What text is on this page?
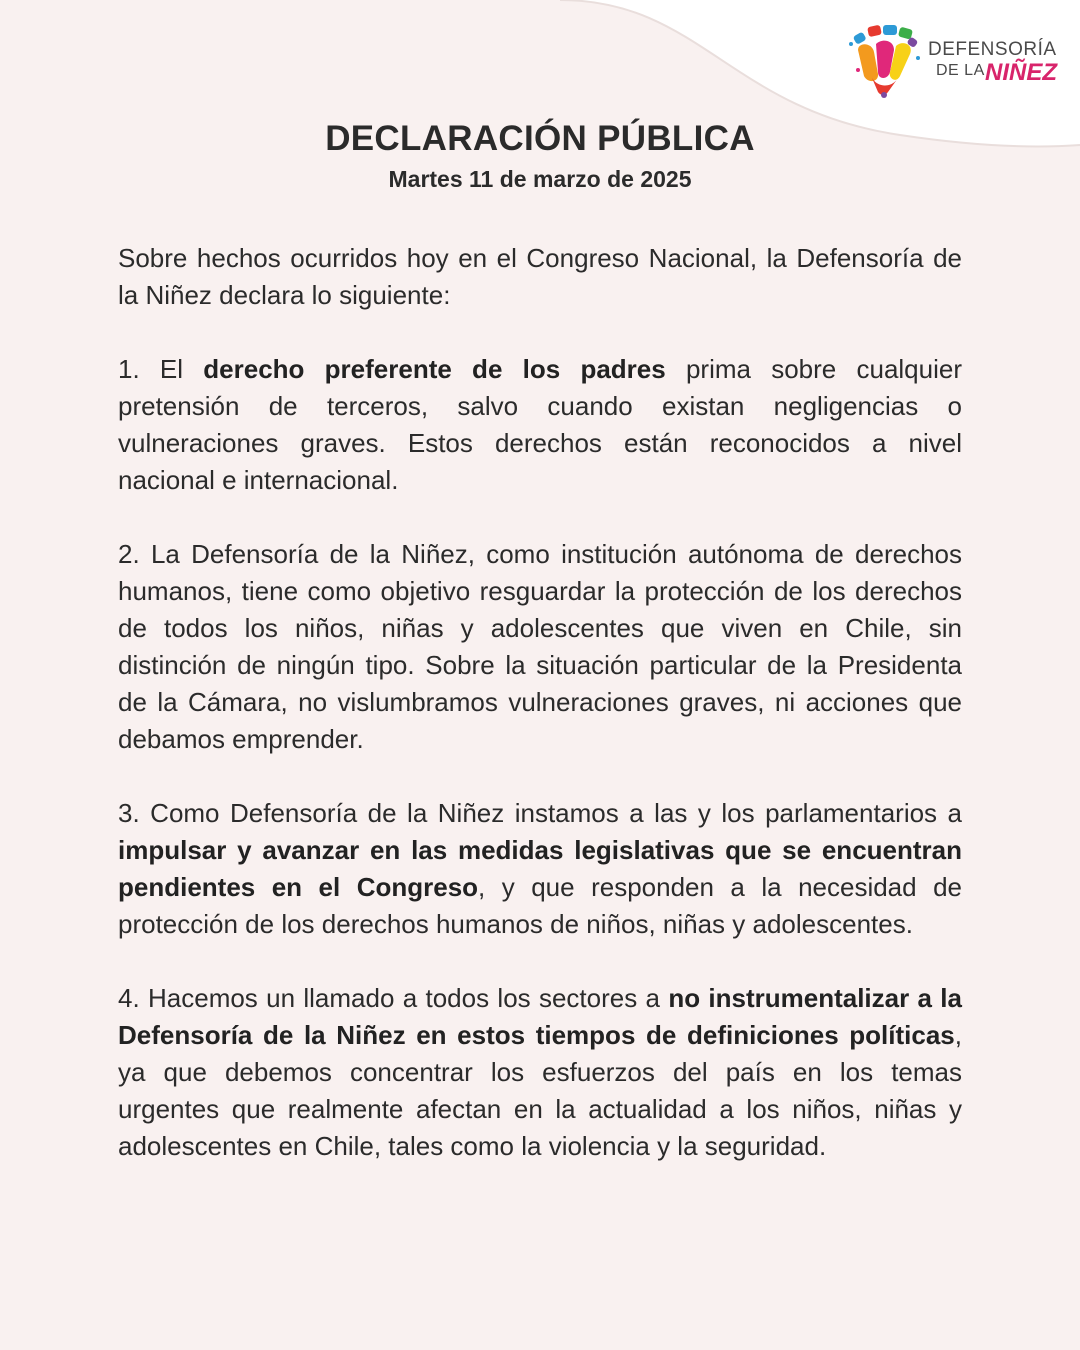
DEFENSORÍA
DE LA NIÑEZ
DECLARACIÓN PÚBLICA

Martes 11 de marzo de 2025

Sobre hechos ocurridos hoy en el Congreso Nacional, la Defensoría de la Niñez declara lo siguiente:

1. El derecho preferente de los padres prima sobre cualquier pretensión de terceros, salvo cuando existan negligencias o vulneraciones graves. Estos derechos están reconocidos a nivel nacional e internacional.

2. La Defensoría de la Niñez, como institución autónoma de derechos humanos, tiene como objetivo resguardar la protección de los derechos de todos los niños, niñas y adolescentes que viven en Chile, sin distinción de ningún tipo. Sobre la situación particular de la Presidenta de la Cámara, no vislumbramos vulneraciones graves, ni acciones que debamos emprender.

3. Como Defensoría de la Niñez instamos a las y los parlamentarios a impulsar y avanzar en las medidas legislativas que se encuentran pendientes en el Congreso, y que responden a la necesidad de protección de los derechos humanos de niños, niñas y adolescentes.

4. Hacemos un llamado a todos los sectores a no instrumentalizar a la Defensoría de la Niñez en estos tiempos de definiciones políticas, ya que debemos concentrar los esfuerzos del país en los temas urgentes que realmente afectan en la actualidad a los niños, niñas y adolescentes en Chile, tales como la violencia y la seguridad.
